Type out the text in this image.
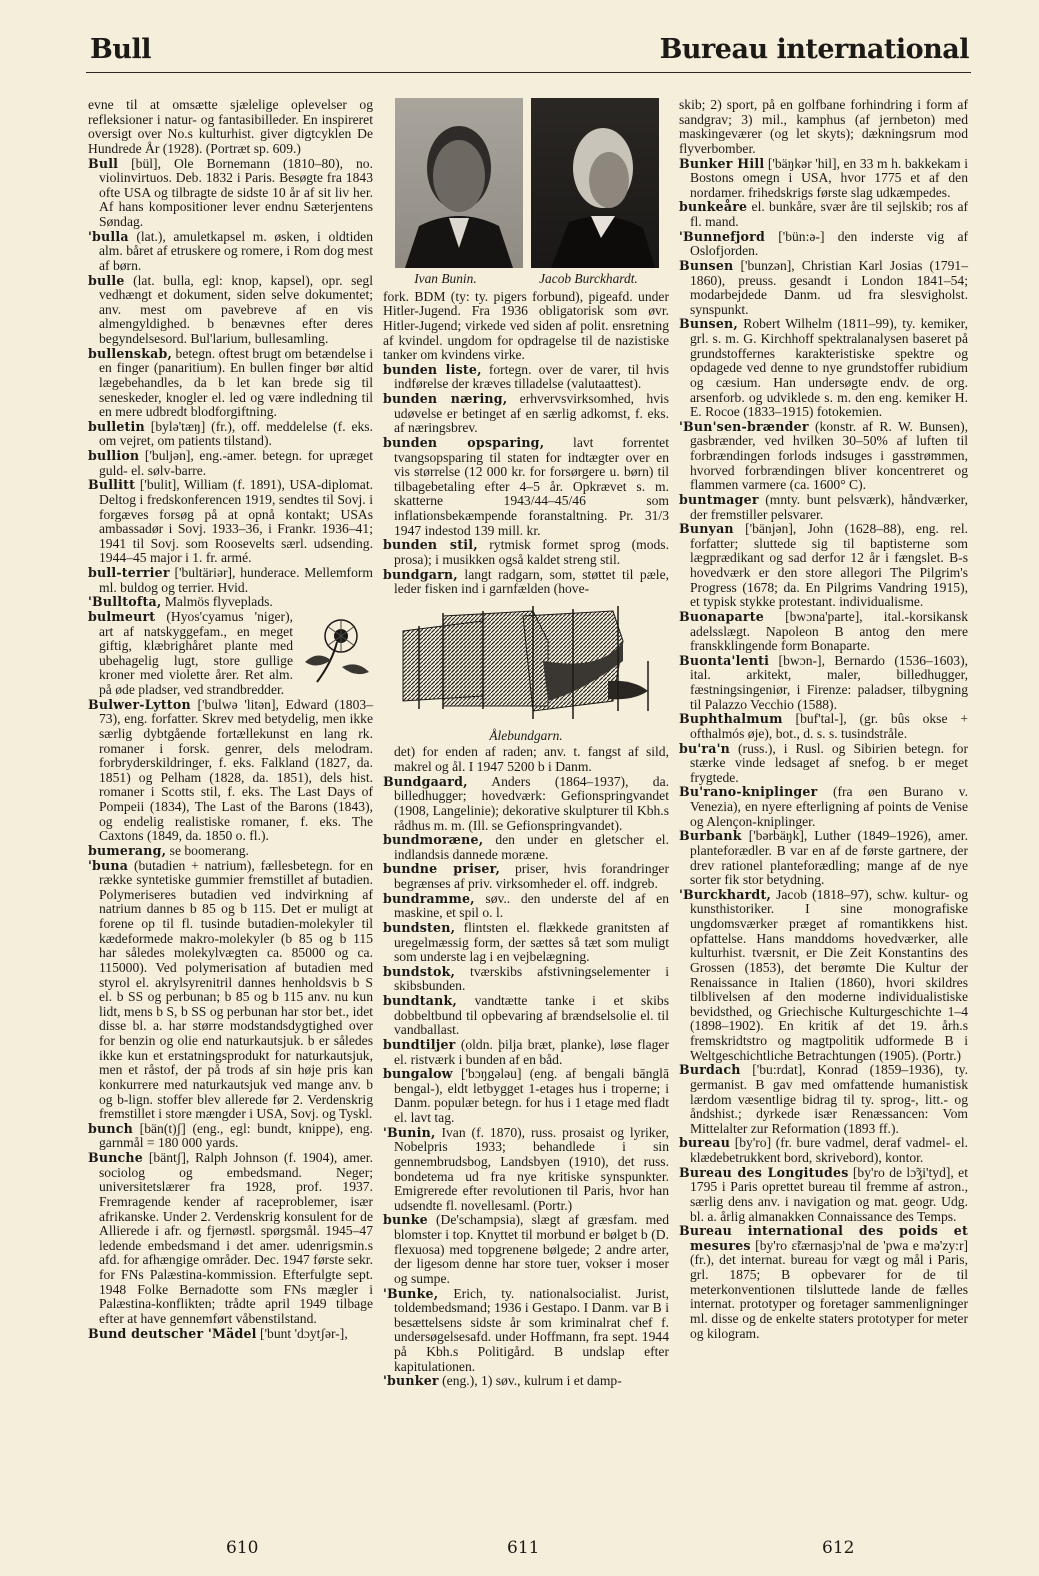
Bull	Bureau international

evne til at omsætte sjælelige oplevelser og refleksioner i natur- og fantasibilleder. En inspireret oversigt over No.s kulturhist. giver digtcyklen De Hundrede År (1928). (Portræt sp. 609.)

Bull [bül], Ole Bornemann (1810–80), no. violinvirtuos. Deb. 1832 i Paris. Besøgte fra 1843 ofte USA og tilbragte de sidste 10 år af sit liv her. Af hans kompositioner lever endnu Sæterjentens Søndag.

'bulla (lat.), amuletkapsel m. øsken, i oldtiden alm. båret af etruskere og romere, i Rom dog mest af børn.

bulle (lat. bulla, egl: knop, kapsel), opr. segl vedhængt et dokument, siden selve dokumentet; anv. mest om pavebreve af en vis almengyldighed. b benævnes efter deres begyndelsesord. Bul'larium, bullesamling.

bullenskab, betegn. oftest brugt om betændelse i en finger (panaritium). En bullen finger bør altid lægebehandles, da b let kan brede sig til seneskeder, knogler el. led og være indledning til en mere udbredt blodforgiftning.

bulletin [bylə'tæŋ] (fr.), off. meddelelse (f. eks. om vejret, om patients tilstand).

bullion ['buljən], eng.-amer. betegn. for upræget guld- el. sølv-barre.

Bullitt ['bulit], William (f. 1891), USA-diplomat. Deltog i fredskonferencen 1919, sendtes til Sovj. i forgæves forsøg på at opnå kontakt; USAs ambassadør i Sovj. 1933–36, i Frankr. 1936–41; 1941 til Sovj. som Roosevelts særl. udsending. 1944–45 major i 1. fr. armé.

bull-terrier ['bultäriər], hunderace. Mellemform ml. buldog og terrier. Hvid.

'Bulltofta, Malmös flyveplads.

bulmeurt (Hyos'cyamus 'niger), art af natskyggefam., en meget giftig, klæbrighåret plante med ubehagelig lugt, store gullige kroner med violette årer. Ret alm. på øde pladser, ved strandbredder.

Bulwer-Lytton ['bulwə 'litən], Edward (1803–73), eng. forfatter. Skrev med betydelig, men ikke særlig dybtgående fortællekunst en lang rk. romaner i forsk. genrer, dels melodram. forbryderskildringer, f. eks. Falkland (1827, da. 1851) og Pelham (1828, da. 1851), dels hist. romaner i Scotts stil, f. eks. The Last Days of Pompeii (1834), The Last of the Barons (1843), og endelig realistiske romaner, f. eks. The Caxtons (1849, da. 1850 o. fl.).

bumerang, se boomerang.

'buna (butadien + natrium), fællesbetegn. for en række syntetiske gummier fremstillet af butadien. Polymeriseres butadien ved indvirkning af natrium dannes b 85 og b 115. Det er muligt at forene op til fl. tusinde butadien-molekyler til kædeformede makro-molekyler (b 85 og b 115 har således molekylvægten ca. 85000 og ca. 115000). Ved polymerisation af butadien med styrol el. akrylsyrenitril dannes henholdsvis b S el. b SS og perbunan; b 85 og b 115 anv. nu kun lidt, mens b S, b SS og perbunan har stor bet., idet disse bl. a. har større modstandsdygtighed over for benzin og olie end naturkautsjuk. b er således ikke kun et erstatningsprodukt for naturkautsjuk, men et råstof, der på trods af sin høje pris kan konkurrere med naturkautsjuk ved mange anv. b og b-lign. stoffer blev allerede før 2. Verdenskrig fremstillet i store mængder i USA, Sovj. og Tyskl.

bunch [bän(t)ʃ] (eng., egl: bundt, knippe), eng. garnmål = 180 000 yards.

Bunche [bäntʃ], Ralph Johnson (f. 1904), amer. sociolog og embedsmand. Neger; universitetslærer fra 1928, prof. 1937. Fremragende kender af raceproblemer, især afrikanske. Under 2. Verdenskrig konsulent for de Allierede i afr. og fjernøstl. spørgsmål. 1945–47 ledende embedsmand i det amer. udenrigsmin.s afd. for afhængige områder. Dec. 1947 første sekr. for FNs Palæstina-kommission. Efterfulgte sept. 1948 Folke Bernadotte som FNs mægler i Palæstina-konflikten; trådte april 1949 tilbage efter at have gennemført våbenstilstand.

Bund deutscher 'Mädel ['bunt 'dɔytʃər-],

Ivan Bunin.	Jacob Burckhardt.

fork. BDM (ty: ty. pigers forbund), pigeafd. under Hitler-Jugend. Fra 1936 obligatorisk som øvr. Hitler-Jugend; virkede ved siden af polit. ensretning af kvindel. ungdom for opdragelse til de nazistiske tanker om kvindens virke.

bunden liste, fortegn. over de varer, til hvis indførelse der kræves tilladelse (valutaattest).

bunden næring, erhvervsvirksomhed, hvis udøvelse er betinget af en særlig adkomst, f. eks. af næringsbrev.

bunden opsparing, lavt forrentet tvangsopsparing til staten for indtægter over en vis størrelse (12 000 kr. for forsørgere u. børn) til tilbagebetaling efter 4–5 år. Opkrævet s. m. skatterne 1943/44–45/46 som inflationsbekæmpende foranstaltning. Pr. 31/3 1947 indestod 139 mill. kr.

bunden stil, rytmisk formet sprog (mods. prosa); i musikken også kaldet streng stil.

bundgarn, langt radgarn, som, støttet til pæle, leder fisken ind i garnfælden (hove-

Ålebundgarn.

det) for enden af raden; anv. t. fangst af sild, makrel og ål. I 1947 5200 b i Danm.

Bundgaard, Anders (1864–1937), da. billedhugger; hovedværk: Gefionspringvandet (1908, Langelinie); dekorative skulpturer til Kbh.s rådhus m. m. (Ill. se Gefionspringvandet).

bundmoræne, den under en gletscher el. indlandsis dannede moræne.

bundne priser, priser, hvis forandringer begrænses af priv. virksomheder el. off. indgreb.

bundramme, søv.. den underste del af en maskine, et spil o. l.

bundsten, flintsten el. flækkede granitsten af uregelmæssig form, der sættes så tæt som muligt som underste lag i en vejbelægning.

bundstok, tværskibs afstivningselementer i skibsbunden.

bundtank, vandtætte tanke i et skibs dobbeltbund til opbevaring af brændselsolie el. til vandballast.

bundtiljer (oldn. þilja bræt, planke), løse flager el. ristværk i bunden af en båd.

bungalow ['bɔŋgələu] (eng. af bengali bānglā bengal-), eldt letbygget 1-etages hus i troperne; i Danm. populær betegn. for hus i 1 etage med fladt el. lavt tag.

'Bunin, Ivan (f. 1870), russ. prosaist og lyriker, Nobelpris 1933; behandlede i sin gennembrudsbog, Landsbyen (1910), det russ. bondetema ud fra nye kritiske synspunkter. Emigrerede efter revolutionen til Paris, hvor han udsendte fl. novellesaml. (Portr.)

bunke (De'schampsia), slægt af græsfam. med blomster i top. Knyttet til morbund er bølget b (D. flexuosa) med topgrenene bølgede; 2 andre arter, der ligesom denne har store tuer, vokser i moser og sumpe.

'Bunke, Erich, ty. nationalsocialist. Jurist, toldembedsmand; 1936 i Gestapo. I Danm. var B i besættelsens sidste år som kriminalrat chef f. undersøgelsesafd. under Hoffmann, fra sept. 1944 på Kbh.s Politigård. B undslap efter kapitulationen.

'bunker (eng.), 1) søv., kulrum i et damp-

skib; 2) sport, på en golfbane forhindring i form af sandgrav; 3) mil., kamphus (af jernbeton) med maskingeværer (og let skyts); dækningsrum mod flyverbomber.

Bunker Hill ['bäŋkər 'hil], en 33 m h. bakkekam i Bostons omegn i USA, hvor 1775 et af den nordamer. frihedskrigs første slag udkæmpedes.

bunkeåre el. bunkåre, svær åre til sejlskib; ros af fl. mand.

'Bunnefjord ['bün:ə-] den inderste vig af Oslofjorden.

Bunsen ['bunzən], Christian Karl Josias (1791–1860), preuss. gesandt i London 1841–54; modarbejdede Danm. ud fra slesvigholst. synspunkt.

Bunsen, Robert Wilhelm (1811–99), ty. kemiker, grl. s. m. G. Kirchhoff spektralanalysen baseret på grundstoffernes karakteristiske spektre og opdagede ved denne to nye grundstoffer rubidium og cæsium. Han undersøgte endv. de org. arsenforb. og udviklede s. m. den eng. kemiker H. E. Rocoe (1833–1915) fotokemien.

'Bun'sen-brænder (konstr. af R. W. Bunsen), gasbrænder, ved hvilken 30–50% af luften til forbrændingen forlods indsuges i gasstrømmen, hvorved forbrændingen bliver koncentreret og flammen varmere (ca. 1600° C).

buntmager (mnty. bunt pelsværk), håndværker, der fremstiller pelsvarer.

Bunyan ['bänjən], John (1628–88), eng. rel. forfatter; sluttede sig til baptisterne som lægprædikant og sad derfor 12 år i fængslet. B-s hovedværk er den store allegori The Pilgrim's Progress (1678; da. En Pilgrims Vandring 1915), et typisk stykke protestant. individualisme.

Buonaparte [bwɔna'parte], ital.-korsikansk adelsslægt. Napoleon B antog den mere franskklingende form Bonaparte.

Buonta'lenti [bwɔn-], Bernardo (1536–1603), ital. arkitekt, maler, billedhugger, fæstningsingeniør, i Firenze: paladser, tilbygning til Palazzo Vecchio (1588).

Buphthalmum [buf'tal-], (gr. bûs okse + ofthalmós øje), bot., d. s. s. tusindstråle.

bu'ra'n (russ.), i Rusl. og Sibirien betegn. for stærke vinde ledsaget af snefog. b er meget frygtede.

Bu'rano-kniplinger (fra øen Burano v. Venezia), en nyere efterligning af points de Venise og Alençon-kniplinger.

Burbank ['bərbäŋk], Luther (1849–1926), amer. planteforædler. B var en af de første gartnere, der drev rationel planteforædling; mange af de nye sorter fik stor betydning.

'Burckhardt, Jacob (1818–97), schw. kultur- og kunsthistoriker. I sine monografiske ungdomsværker præget af romantikkens hist. opfattelse. Hans manddoms hovedværker, alle kulturhist. tværsnit, er Die Zeit Konstantins des Grossen (1853), det berømte Die Kultur der Renaissance in Italien (1860), hvori skildres tilblivelsen af den moderne individualistiske bevidsthed, og Griechische Kulturgeschichte 1–4 (1898–1902). En kritik af det 19. årh.s fremskridtstro og magtpolitik udformede B i Weltgeschichtliche Betrachtungen (1905). (Portr.)

Burdach ['bu:rdat], Konrad (1859–1936), ty. germanist. B gav med omfattende humanistisk lærdom væsentlige bidrag til ty. sprog-, litt.- og åndshist.; dyrkede især Renæssancen: Vom Mittelalter zur Reformation (1893 ff.).

bureau [by'ro] (fr. bure vadmel, deraf vadmel- el. klædebetrukkent bord, skrivebord), kontor.

Bureau des Longitudes [by'ro de lɔ̃ʒi'tyd], et 1795 i Paris oprettet bureau til fremme af astron., særlig dens anv. i navigation og mat. geogr. Udg. bl. a. årlig almanakken Connaissance des Temps.

Bureau international des poids et mesures [by'ro ɛ̃tærnasjɔ'nal de 'pwa e mə'zy:r] (fr.), det internat. bureau for vægt og mål i Paris, grl. 1875; B opbevarer for de til meterkonventionen tilsluttede lande de fælles internat. prototyper og foretager sammenligninger ml. disse og de enkelte staters prototyper for meter og kilogram.

610	611	612
